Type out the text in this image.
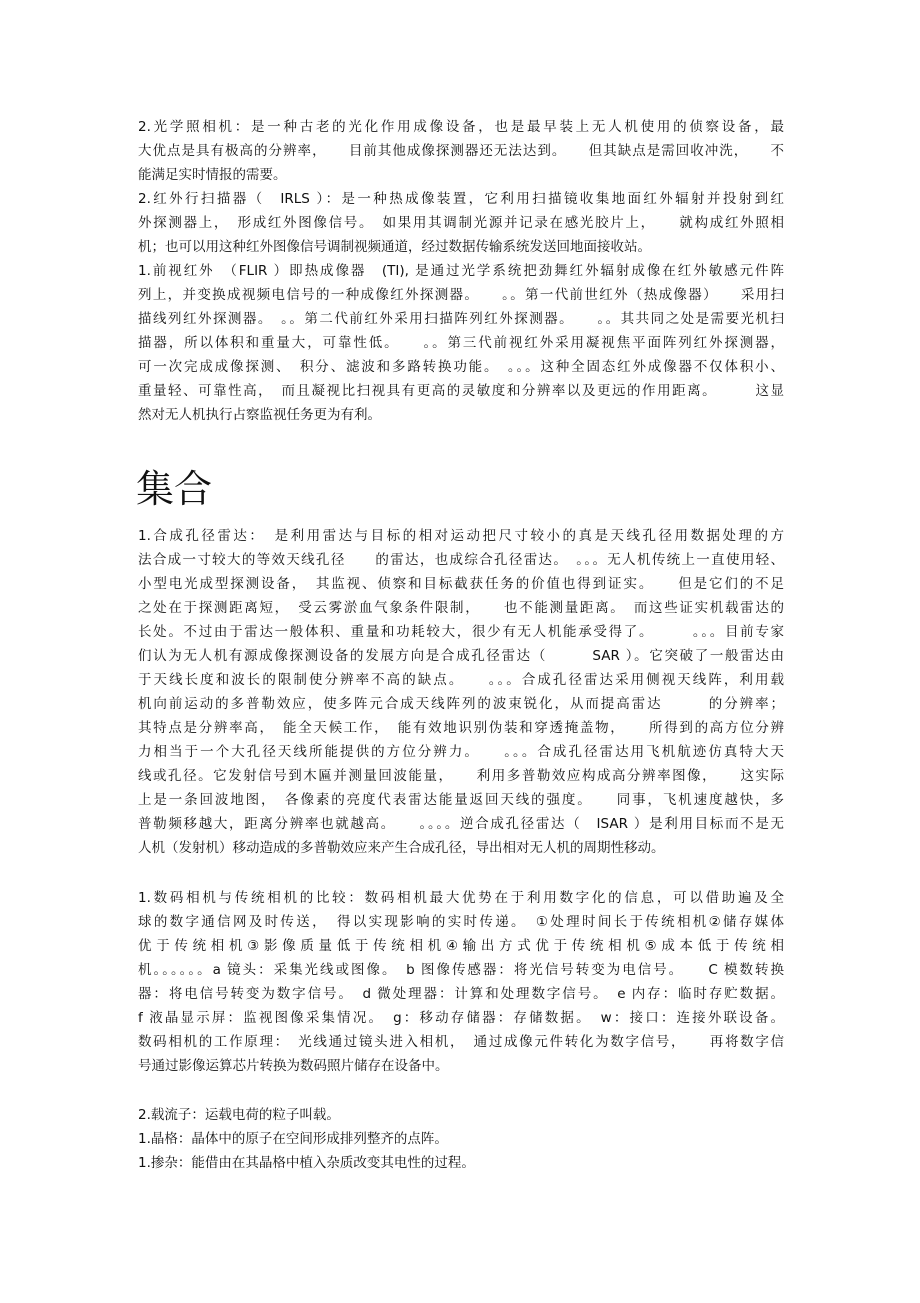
2.光学照相机：是一种古老的光化作用成像设备，也是最早装上无人机使用的侦察设备，最
大优点是具有极高的分辨率，　　目前其他成像探测器还无法达到。　　但其缺点是需回收冲洗，　　不
能满足实时情报的需要。
2.红外行扫描器（　IRLS ）：是一种热成像装置，它利用扫描镜收集地面红外辐射并投射到红
外探测器上，　形成红外图像信号。　如果用其调制光源并记录在感光胶片上，　　就构成红外照相
机；也可以用这种红外图像信号调制视频通道，经过数据传输系统发送回地面接收站。
1.前视红外　（FLIR ）即热成像器　(TI), 是通过光学系统把劲舞红外辐射成像在红外敏感元件阵
列上，并变换成视频电信号的一种成像红外探测器。　　。。第一代前世红外（热成像器）　　采用扫
描线列红外探测器。　。。第二代前红外采用扫描阵列红外探测器。　　。。其共同之处是需要光机扫
描器，所以体积和重量大，可靠性低。　　。。第三代前视红外采用凝视焦平面阵列红外探测器，
可一次完成成像探测、　积分、滤波和多路转换功能。　。。。这种全固态红外成像器不仅体积小、
重量轻、可靠性高，　而且凝视比扫视具有更高的灵敏度和分辨率以及更远的作用距离。　　　这显
然对无人机执行占察监视任务更为有利。
集合
1.合成孔径雷达：　是利用雷达与目标的相对运动把尺寸较小的真是天线孔径用数据处理的方
法合成一寸较大的等效天线孔径　　的雷达，也成综合孔径雷达。　。。。无人机传统上一直使用轻、
小型电光成型探测设备，　其监视、侦察和目标截获任务的价值也得到证实。　　但是它们的不足
之处在于探测距离短，　受云雾淤血气象条件限制，　　也不能测量距离。　而这些证实机载雷达的
长处。不过由于雷达一般体积、重量和功耗较大，很少有无人机能承受得了。　　　。。。目前专家
们认为无人机有源成像探测设备的发展方向是合成孔径雷达（　　　SAR ）。它突破了一般雷达由
于天线长度和波长的限制使分辨率不高的缺点。　　。。。合成孔径雷达采用侧视天线阵，利用载
机向前运动的多普勒效应，使多阵元合成天线阵列的波束锐化，从而提高雷达　　　的分辨率；
其特点是分辨率高，　能全天候工作，　能有效地识别伪装和穿透掩盖物，　　所得到的高方位分辨
力相当于一个大孔径天线所能提供的方位分辨力。　　。。。合成孔径雷达用飞机航迹仿真特大天
线或孔径。它发射信号到木匾并测量回波能量，　　利用多普勒效应构成高分辨率图像，　　这实际
上是一条回波地图，　各像素的亮度代表雷达能量返回天线的强度。　　同事，飞机速度越快，多
普勒频移越大，距离分辨率也就越高。　　。。。。逆合成孔径雷达（　ISAR ）是利用目标而不是无
人机（发射机）移动造成的多普勒效应来产生合成孔径，导出相对无人机的周期性移动。
1.数码相机与传统相机的比较：数码相机最大优势在于利用数字化的信息，可以借助遍及全
球的数字通信网及时传送，　得以实现影响的实时传递。　①处理时间长于传统相机②储存媒体
优于传统相机③影像质量低于传统相机④输出方式优于传统相机⑤成本低于传统相
机。。。。。。a 镜头：采集光线或图像。　b 图像传感器：将光信号转变为电信号。　　C 模数转换
器：将电信号转变为数字信号。　d 微处理器：计算和处理数字信号。　e 内存：临时存贮数据。
f 液晶显示屏：监视图像采集情况。　g：移动存储器：存储数据。　w：接口：连接外联设备。
数码相机的工作原理：　光线通过镜头进入相机，　通过成像元件转化为数字信号，　　再将数字信
号通过影像运算芯片转换为数码照片储存在设备中。
2.载流子：运载电荷的粒子叫载。
1.晶格：晶体中的原子在空间形成排列整齐的点阵。
1.掺杂：能借由在其晶格中植入杂质改变其电性的过程。
